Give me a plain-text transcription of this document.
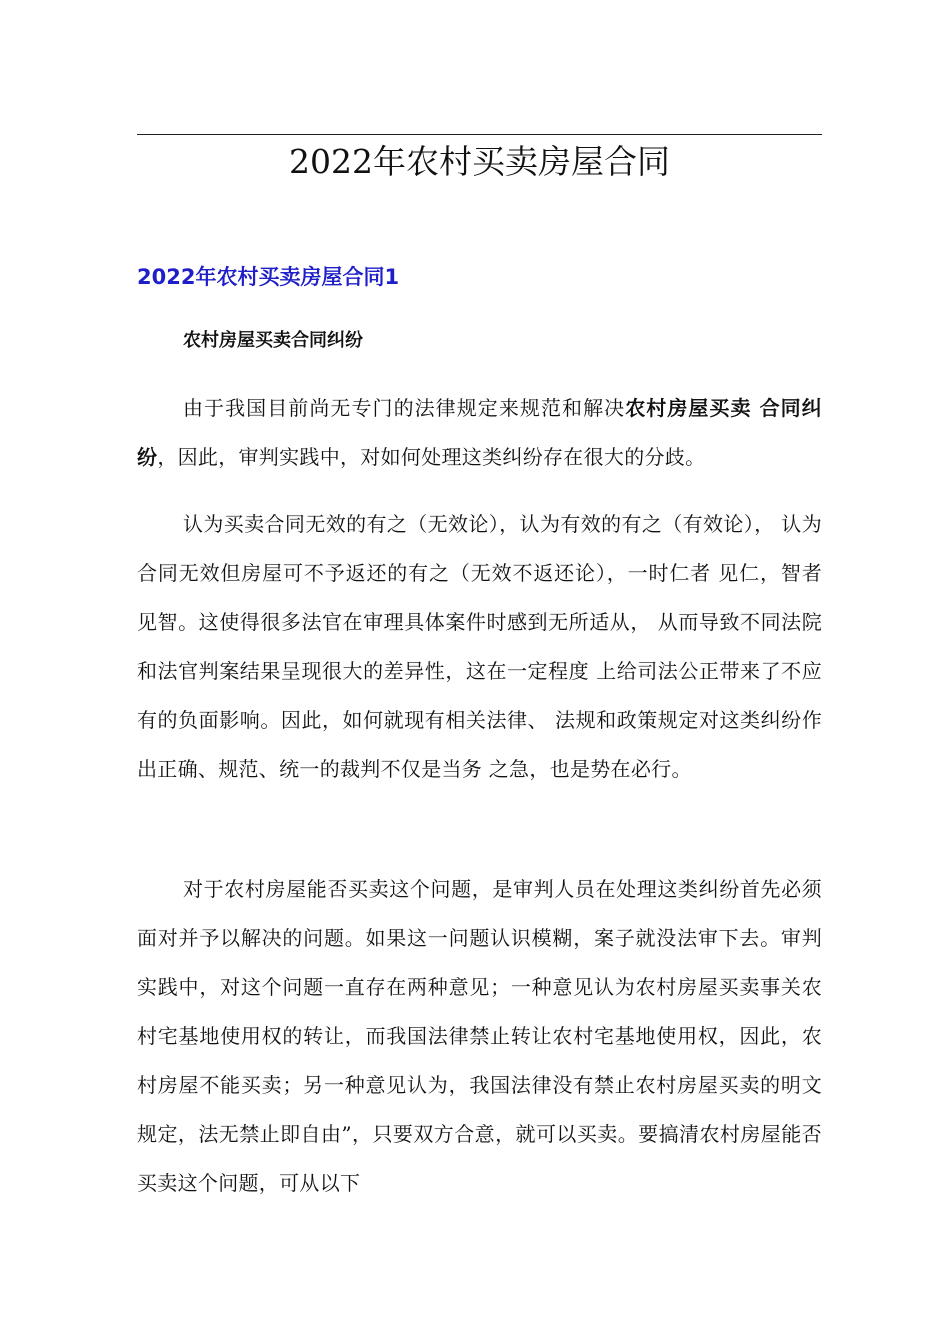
2022年农村买卖房屋合同
2022年农村买卖房屋合同1
农村房屋买卖合同纠纷

由于我国目前尚无专门的法律规定来规范和解决农村房屋买卖 合同纠纷，因此，审判实践中，对如何处理这类纠纷存在很大的分歧。

认为买卖合同无效的有之（无效论），认为有效的有之（有效论）， 认为合同无效但房屋可不予返还的有之（无效不返还论），一时仁者 见仁，智者见智。这使得很多法官在审理具体案件时感到无所适从， 从而导致不同法院和法官判案结果呈现很大的差异性，这在一定程度 上给司法公正带来了不应有的负面影响。因此，如何就现有相关法律、 法规和政策规定对这类纠纷作出正确、规范、统一的裁判不仅是当务 之急，也是势在必行。

对于农村房屋能否买卖这个问题，是审判人员在处理这类纠纷首先必须面对并予以解决的问题。如果这一问题认识模糊，案子就没法审下去。审判实践中，对这个问题一直存在两种意见；一种意见认为农村房屋买卖事关农村宅基地使用权的转让，而我国法律禁止转让农村宅基地使用权，因此，农村房屋不能买卖；另一种意见认为，我国法律没有禁止农村房屋买卖的明文规定，法无禁止即自由”，只要双方合意，就可以买卖。要搞清农村房屋能否买卖这个问题，可从以下
